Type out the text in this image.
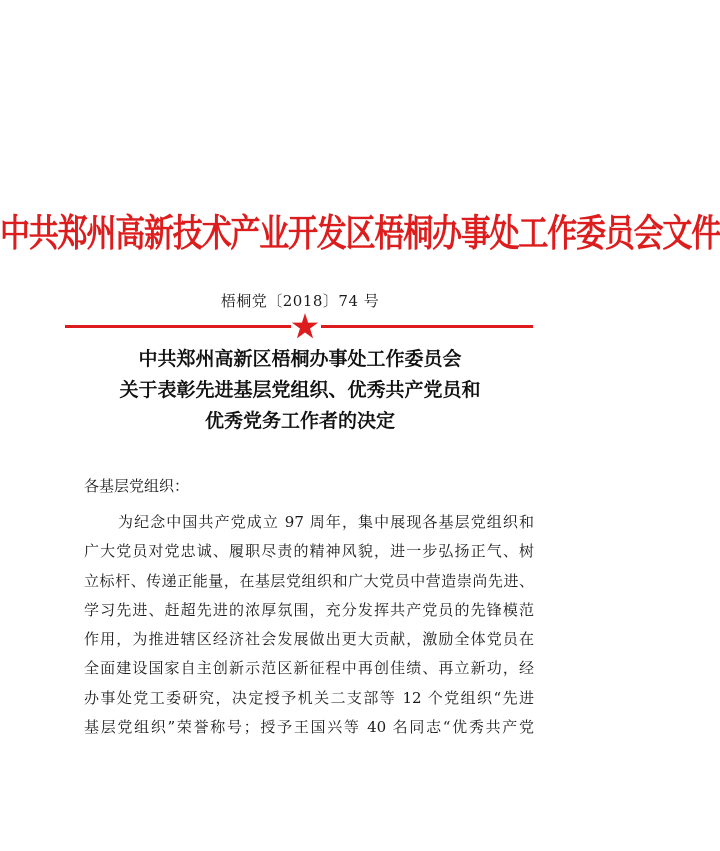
中共郑州高新技术产业开发区梧桐办事处工作委员会文件
梧桐党〔2018〕74 号
中共郑州高新区梧桐办事处工作委员会
关于表彰先进基层党组织、优秀共产党员和
优秀党务工作者的决定
各基层党组织：
为纪念中国共产党成立 97 周年，集中展现各基层党组织和
广大党员对党忠诚、履职尽责的精神风貌，进一步弘扬正气、树
立标杆、传递正能量，在基层党组织和广大党员中营造崇尚先进、
学习先进、赶超先进的浓厚氛围，充分发挥共产党员的先锋模范
作用，为推进辖区经济社会发展做出更大贡献，激励全体党员在
全面建设国家自主创新示范区新征程中再创佳绩、再立新功，经
办事处党工委研究，决定授予机关二支部等 12 个党组织“先进
基层党组织”荣誉称号；授予王国兴等 40 名同志“优秀共产党
